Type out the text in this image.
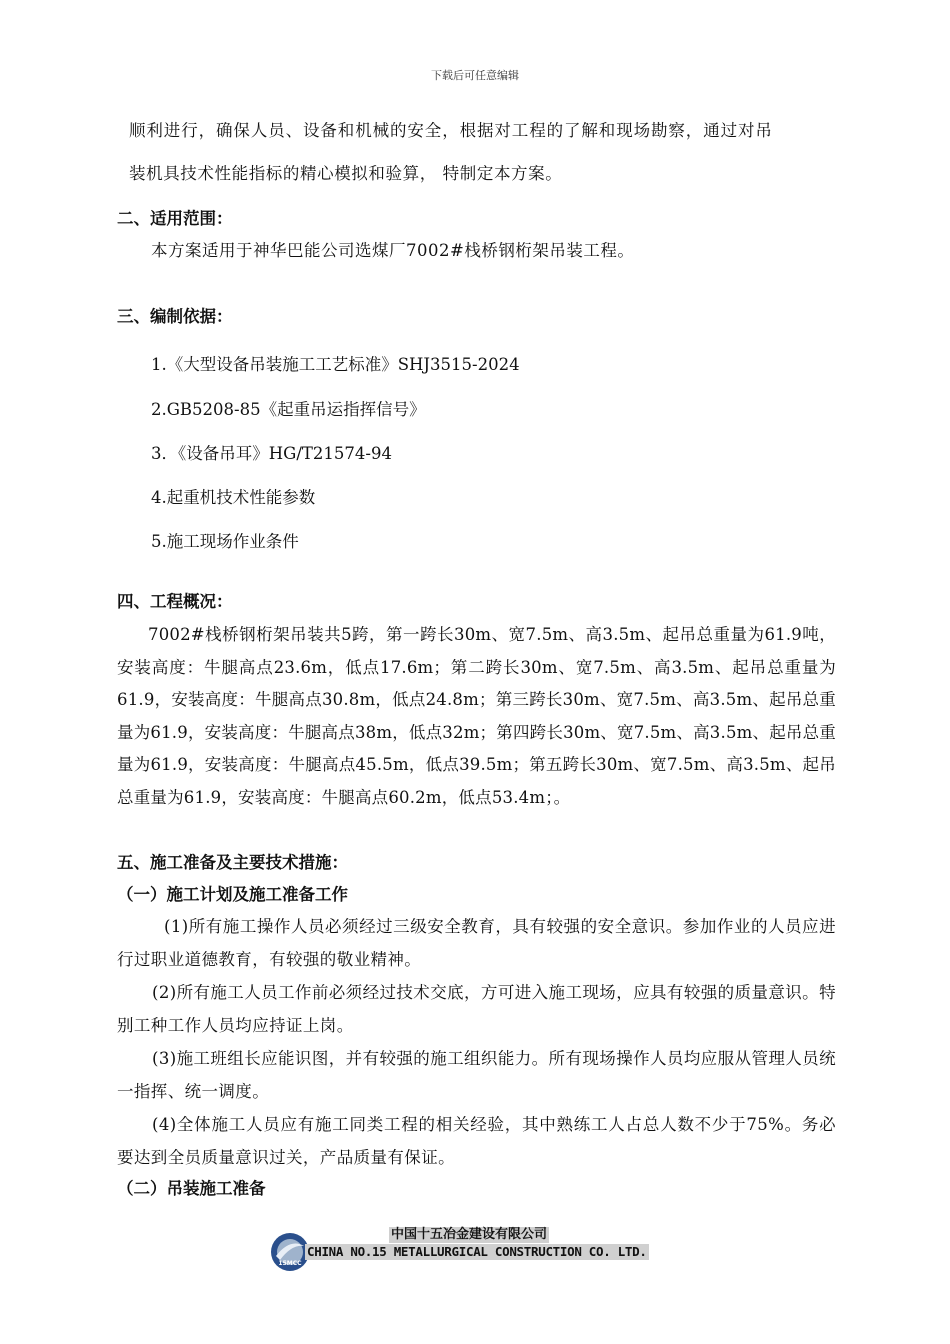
下载后可任意编辑
顺利进行，确保人员、设备和机械的安全，根据对工程的了解和现场勘察，通过对吊
装机具技术性能指标的精心模拟和验算， 特制定本方案。
二、适用范围：
本方案适用于神华巴能公司选煤厂7002#栈桥钢桁架吊装工程。
三、编制依据：
1.《大型设备吊装施工工艺标准》SHJ3515-2024
2.GB5208-85《起重吊运指挥信号》
3．《设备吊耳》HG/T21574-94
4.起重机技术性能参数
5.施工现场作业条件
四、工程概况：
7002#栈桥钢桁架吊装共5跨，第一跨长30m、宽7.5m、高3.5m、起吊总重量为61.9吨，安装高度：牛腿高点23.6m，低点17.6m；第二跨长30m、宽7.5m、高3.5m、起吊总重量为61.9，安装高度：牛腿高点30.8m，低点24.8m；第三跨长30m、宽7.5m、高3.5m、起吊总重量为61.9，安装高度：牛腿高点38m，低点32m；第四跨长30m、宽7.5m、高3.5m、起吊总重量为61.9，安装高度：牛腿高点45.5m，低点39.5m；第五跨长30m、宽7.5m、高3.5m、起吊总重量为61.9，安装高度：牛腿高点60.2m，低点53.4m；。
五、施工准备及主要技术措施：
（一）施工计划及施工准备工作
(1)所有施工操作人员必须经过三级安全教育，具有较强的安全意识。参加作业的人员应进行过职业道德教育，有较强的敬业精神。
(2)所有施工人员工作前必须经过技术交底，方可进入施工现场，应具有较强的质量意识。特别工种工作人员均应持证上岗。
(3)施工班组长应能识图，并有较强的施工组织能力。所有现场操作人员均应服从管理人员统一指挥、统一调度。
(4)全体施工人员应有施工同类工程的相关经验，其中熟练工人占总人数不少于75%。务必要达到全员质量意识过关，产品质量有保证。
（二）吊装施工准备
15MCC
中国十五冶金建设有限公司
CHINA NO.15 METALLURGICAL CONSTRUCTION CO. LTD.
